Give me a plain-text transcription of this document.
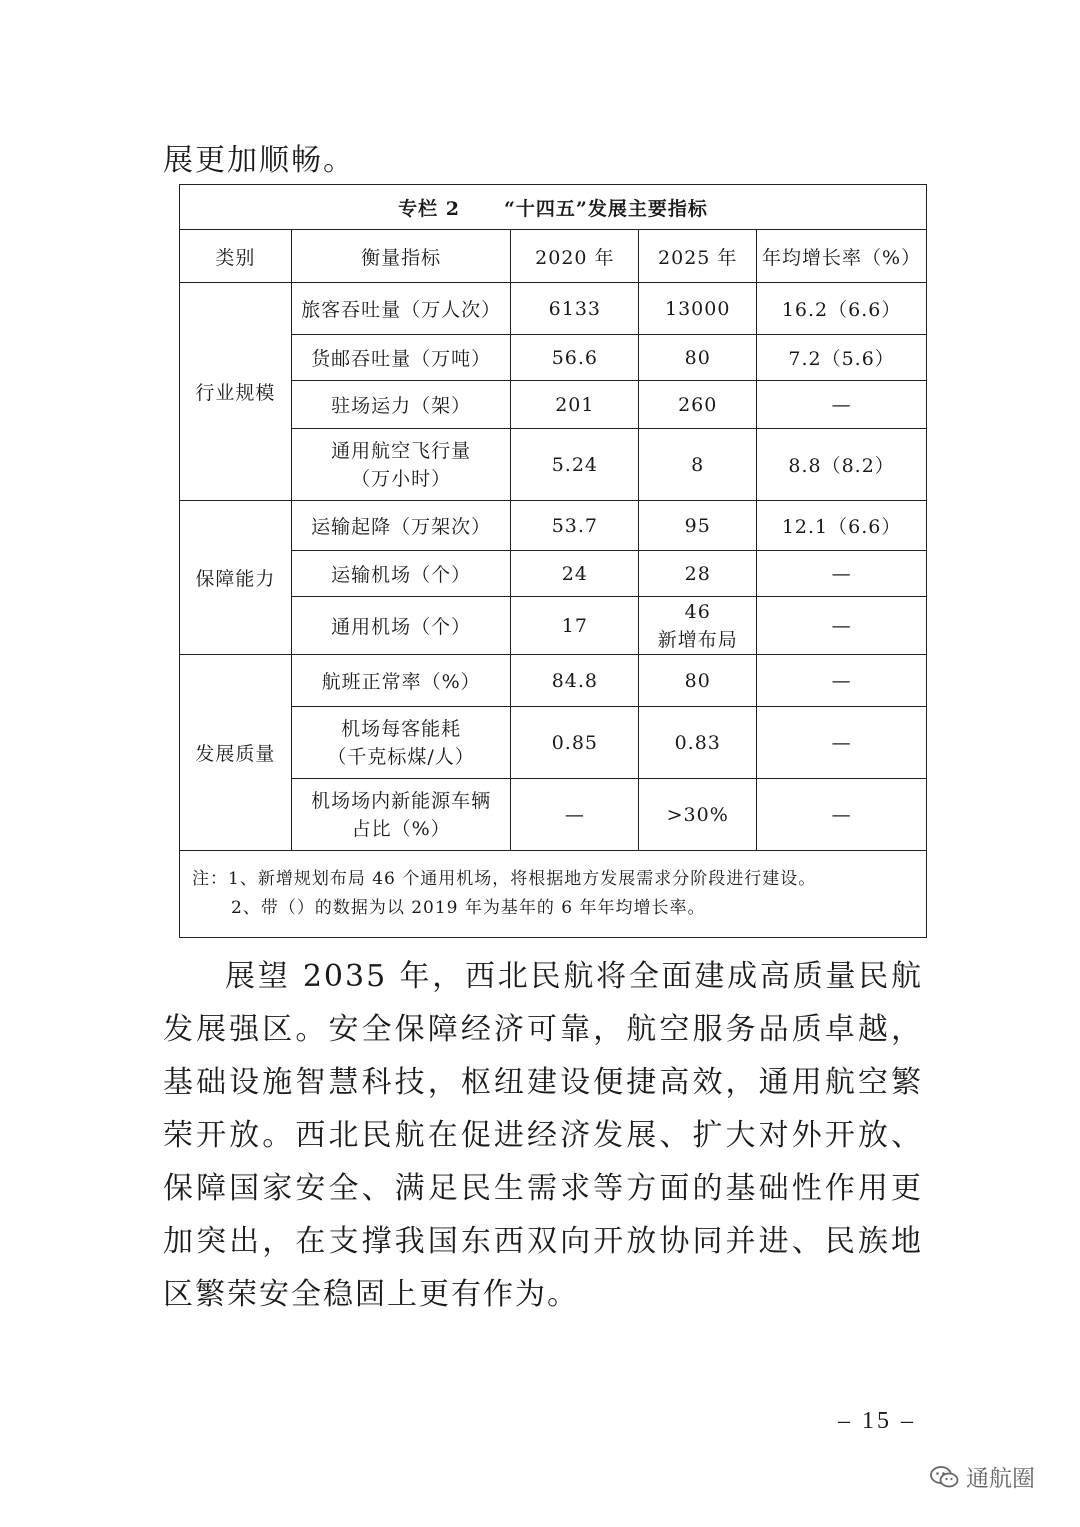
展更加顺畅。

专栏 2 “十四五”发展主要指标				
类别	衡量指标	2020 年	2025 年	年均增长率（%）
行业规模	旅客吞吐量（万人次）	6133	13000	16.2（6.6）
	货邮吞吐量（万吨）	56.6	80	7.2（5.6）
	驻场运力（架）	201	260	—

	通用航空飞行量
（万小时）	5.24	8	8.8（8.2）
保障能力	运输起降（万架次）	53.7	95	12.1（6.6）
	运输机场（个）	24	28	—
	通用机场（个）	17	46
新增布局	—
发展质量	航班正常率（%）	84.8	80	—

	机场每客能耗
（千克标煤/人）	0.85	0.83	—

	机场场内新能源车辆
占比（%）	—	>30%	—

注：1、新增规划布局 46 个通用机场，将根据地方发展需求分阶段进行建设。
2、带（）的数据为以 2019 年为基年的 6 年年均增长率。				

展望 2035 年，西北民航将全面建成高质量民航发展强区。安全保障经济可靠，航空服务品质卓越，基础设施智慧科技，枢纽建设便捷高效，通用航空繁荣开放。西北民航在促进经济发展、扩大对外开放、保障国家安全、满足民生需求等方面的基础性作用更加突出，在支撑我国东西双向开放协同并进、民族地区繁荣安全稳固上更有作为。

– 15 –
通航圈
